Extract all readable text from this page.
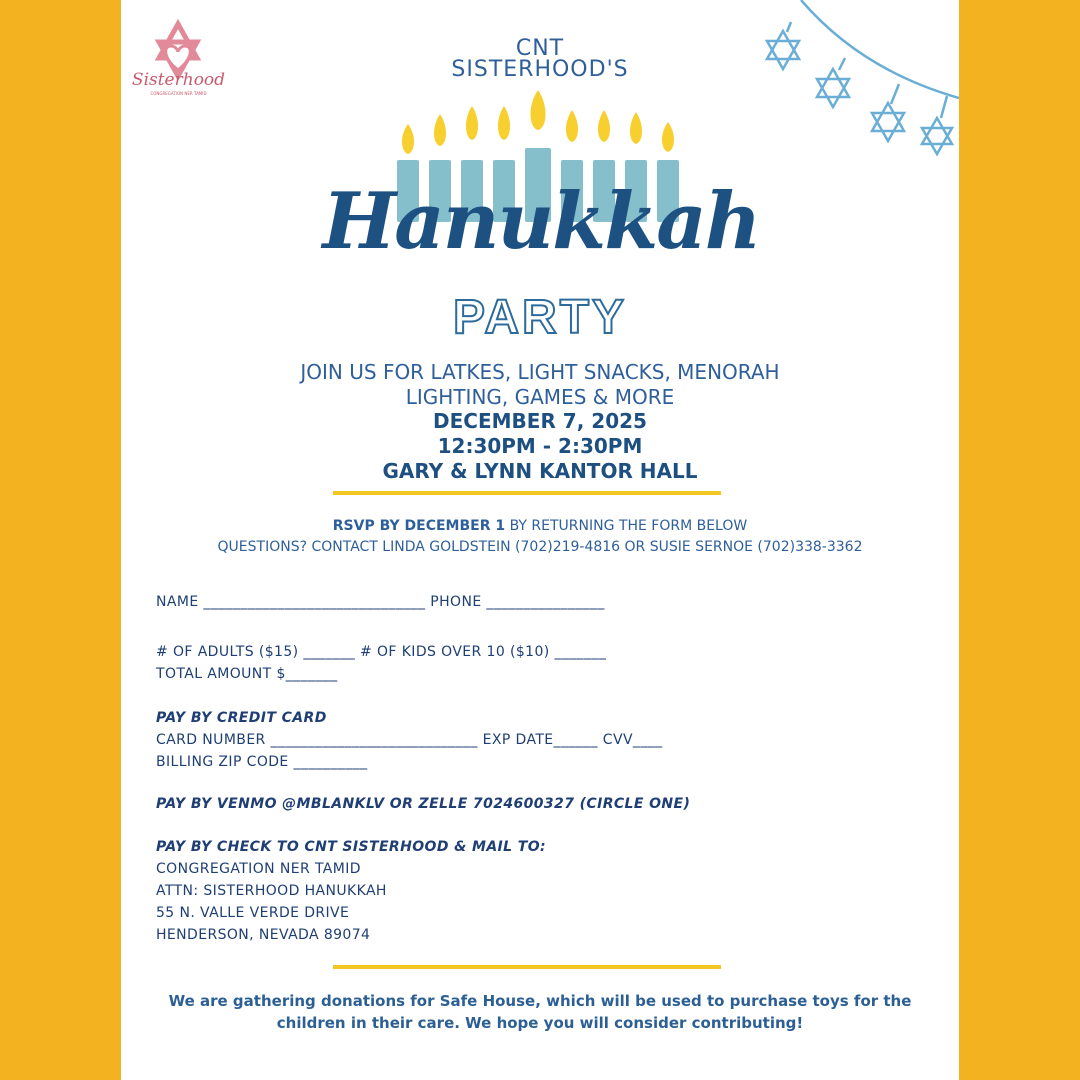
Sisterhood
CONGREGATION NER TAMID
CNT
SISTERHOOD'S
Hanukkah
PARTY
JOIN US FOR LATKES, LIGHT SNACKS, MENORAH
LIGHTING, GAMES & MORE
DECEMBER 7, 2025
12:30PM - 2:30PM
GARY & LYNN KANTOR HALL
RSVP BY DECEMBER 1 BY RETURNING THE FORM BELOW
QUESTIONS? CONTACT LINDA GOLDSTEIN (702)219-4816 OR SUSIE SERNOE (702)338-3362
NAME ______________________________ PHONE ________________
# OF ADULTS ($15) _______ # OF KIDS OVER 10 ($10) _______
TOTAL AMOUNT $_______
PAY BY CREDIT CARD
CARD NUMBER ____________________________ EXP DATE______ CVV____
BILLING ZIP CODE __________
PAY BY VENMO @MBLANKLV OR ZELLE 7024600327 (CIRCLE ONE)
PAY BY CHECK TO CNT SISTERHOOD & MAIL TO:
CONGREGATION NER TAMID
ATTN: SISTERHOOD HANUKKAH
55 N. VALLE VERDE DRIVE
HENDERSON, NEVADA 89074
We are gathering donations for Safe House, which will be used to purchase toys for the
children in their care. We hope you will consider contributing!
